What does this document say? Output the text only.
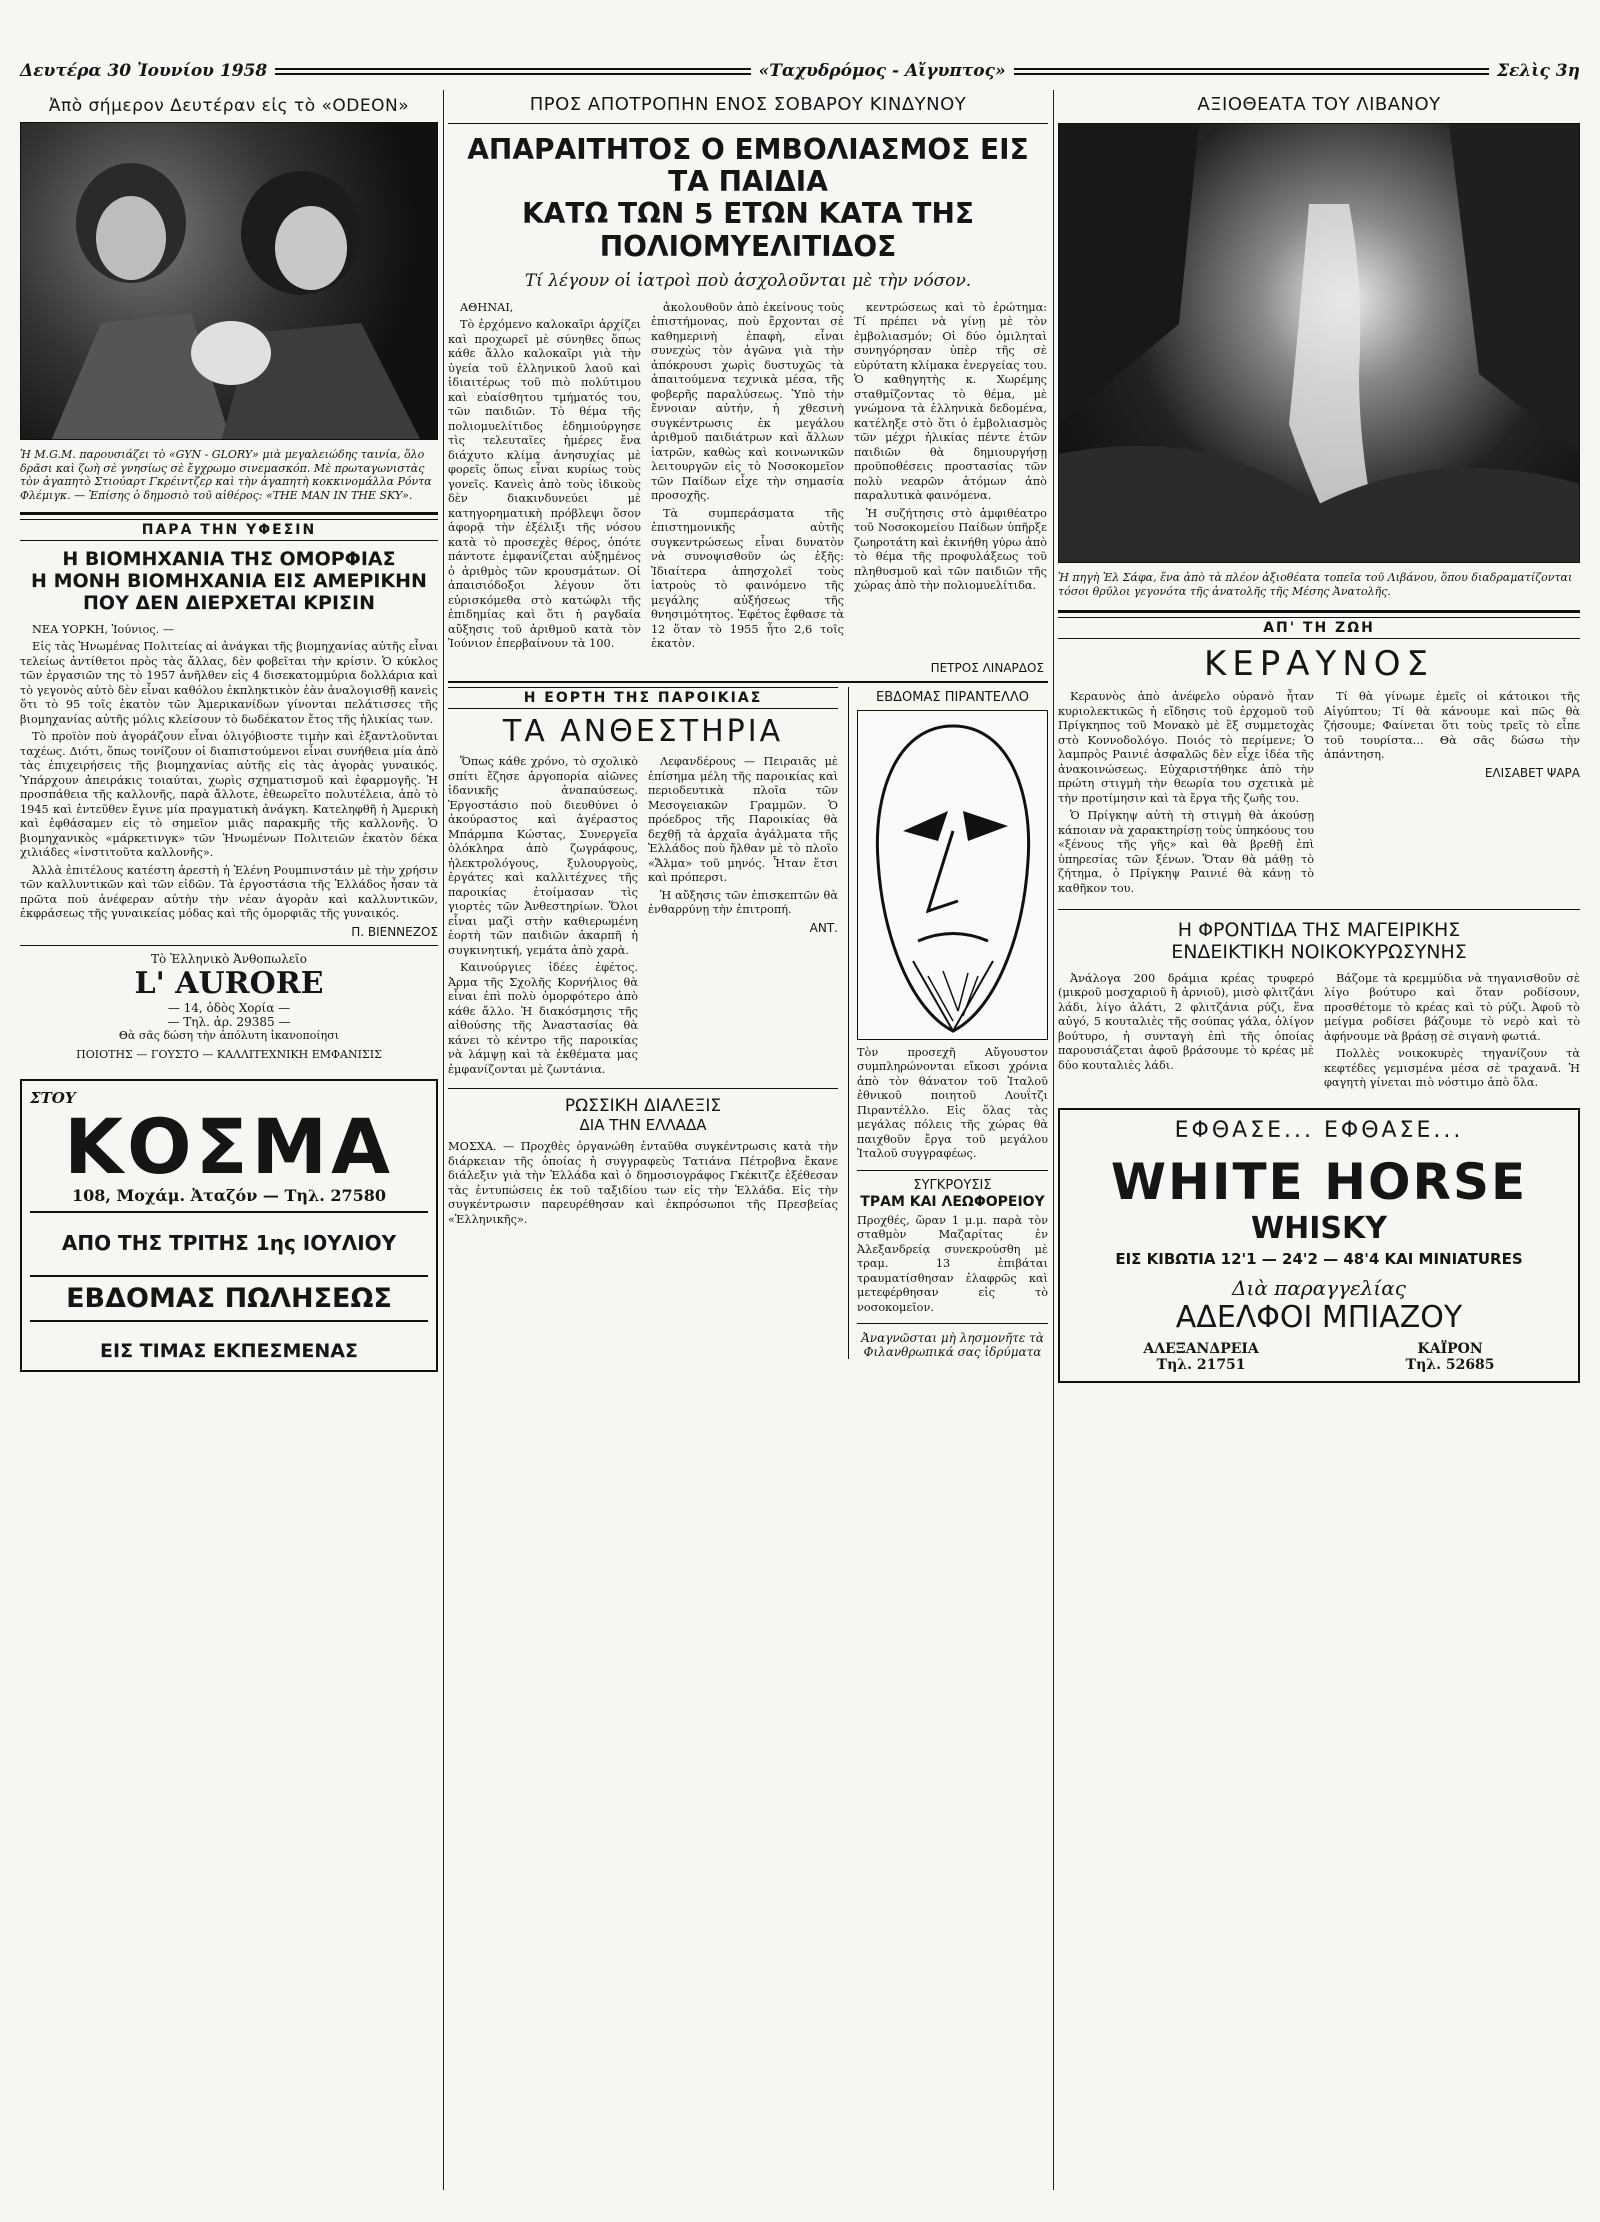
Δευτέρα 30 Ἰουνίου 1958	«Ταχυδρόμος - Αἴγυπτος»	Σελὶς 3η
Ἀπὸ σήμερον Δευτέραν εἰς τὸ «ODEON»
Ἡ M.G.M. παρουσιάζει τὸ «GYN - GLORY» μιὰ μεγαλειώδης ταινία, ὅλο δρᾶσι καὶ ζωὴ σὲ γνησίως σὲ ἔγχρωμο σινεμασκόπ. Μὲ πρωταγωνιστὰς τὸν ἀγαπητὸ Στιούαρτ Γκρέιντζερ καὶ τὴν ἀγαπητὴ κοκκινομάλλα Ρόντα Φλέμιγκ. — Ἐπίσης ὁ δημοσιὸ τοῦ αἰθέρος: «THE MAN IN THE SKY».
ΠΑΡΑ ΤΗΝ ΥΦΕΣΙΝ
Η ΒΙΟΜΗΧΑΝΙΑ ΤΗΣ ΟΜΟΡΦΙΑΣ
Η ΜΟΝΗ ΒΙΟΜΗΧΑΝΙΑ ΕΙΣ ΑΜΕΡΙΚΗΝ
ΠΟΥ ΔΕΝ ΔΙΕΡΧΕΤΑΙ ΚΡΙΣΙΝ

ΝΕΑ ΥΟΡΚΗ, Ἰούνιος. —

Εἰς τὰς Ἡνωμένας Πολιτείας αἱ ἀνάγκαι τῆς βιομηχανίας αὐτῆς εἶναι τελείως ἀντίθετοι πρὸς τὰς ἄλλας, δὲν φοβεῖται τὴν κρίσιν. Ὁ κύκλος τῶν ἐργασιῶν της τὸ 1957 ἀνῆλθεν εἰς 4 δισεκατομμύρια δολλάρια καὶ τὸ γεγονὸς αὐτὸ δὲν εἶναι καθόλου ἐκπληκτικὸν ἐὰν ἀναλογισθῇ κανεὶς ὅτι τὸ 95 τοῖς ἑκατὸν τῶν Ἀμερικανίδων γίνονται πελάτισσες τῆς βιομηχανίας αὐτῆς μόλις κλείσουν τὸ δωδέκατον ἔτος τῆς ἡλικίας των.

Τὸ προϊὸν ποὺ ἀγοράζουν εἶναι ὀλιγόβιοστε τιμὴν καὶ ἐξαντλοῦνται ταχέως. Διότι, ὅπως τονίζουν οἱ διαπιστούμενοι εἶναι συνήθεια μία ἀπὸ τὰς ἐπιχειρήσεις τῆς βιομηχανίας αὐτῆς εἰς τὰς ἀγορὰς γυναικός. Ὑπάρχουν ἀπειράκις τοιαύται, χωρὶς σχηματισμοῦ καὶ ἐφαρμογῆς. Ἡ προσπάθεια τῆς καλλονῆς, παρὰ ἄλλοτε, ἐθεωρεῖτο πολυτέλεια, ἀπὸ τὸ 1945 καὶ ἐντεῦθεν ἔγινε μία πραγματικὴ ἀνάγκη. Κατεληφθῆ ἡ Ἀμερικὴ καὶ ἐφθάσαμεν εἰς τὸ σημεῖον μιᾶς παρακμῆς τῆς καλλονῆς. Ὁ βιομηχανικὸς «μάρκετινγκ» τῶν Ἡνωμένων Πολιτειῶν ἑκατὸν δέκα χιλιάδες «ἰνστιτοῦτα καλλονῆς».

Ἀλλὰ ἐπιτέλους κατέστη ἀρεστὴ ἡ Ἑλένη Ρουμπινστάιν μὲ τὴν χρήσιν τῶν καλλυντικῶν καὶ τῶν εἰδῶν. Τὰ ἐργοστάσια τῆς Ἑλλάδος ἦσαν τὰ πρῶτα ποὺ ἀνέφεραν αὐτὴν τὴν νέαν ἀγορὰν καὶ καλλυντικῶν, ἐκφράσεως τῆς γυναικείας μόδας καὶ τῆς ὀμορφιᾶς τῆς γυναικός.

Π. ΒΙΕΝΝΕΖΟΣ
Τὸ Ἑλληνικὸ Ἀνθοπωλεῖο
L' AURORE
— 14, ὁδὸς Χορία —
— Τηλ. ἀρ. 29385 —
Θὰ σᾶς δώση τὴν ἀπόλυτη ἱκανοποίησι
ΠΟΙΟΤΗΣ — ΓΟΥΣΤΟ — ΚΑΛΛΙΤΕΧΝΙΚΗ ΕΜΦΑΝΙΣΙΣ
ΣΤΟΥ
ΚΟΣΜΑ
108, Μοχάμ. Ἀταζόν — Τηλ. 27580
ΑΠΟ ΤΗΣ ΤΡΙΤΗΣ 1ης ΙΟΥΛΙΟΥ
ΕΒΔΟΜΑΣ ΠΩΛΗΣΕΩΣ
ΕΙΣ ΤΙΜΑΣ ΕΚΠΕΣΜΕΝΑΣ
ΠΡΟΣ ΑΠΟΤΡΟΠΗΝ ΕΝΟΣ ΣΟΒΑΡΟΥ ΚΙΝΔΥΝΟΥ
ΑΠΑΡΑΙΤΗΤΟΣ Ο ΕΜΒΟΛΙΑΣΜΟΣ ΕΙΣ ΤΑ ΠΑΙΔΙΑ
ΚΑΤΩ ΤΩΝ 5 ΕΤΩΝ ΚΑΤΑ ΤΗΣ ΠΟΛΙΟΜΥΕΛΙΤΙΔΟΣ
Τί λέγουν οἱ ἰατροὶ ποὺ ἀσχολοῦνται μὲ τὴν νόσον.

ΑΘΗΝΑΙ,

Τὸ ἐρχόμενο καλοκαῖρι ἀρχίζει καὶ προχωρεῖ μὲ σύνηθες ὅπως κάθε ἄλλο καλοκαῖρι γιὰ τὴν ὑγεία τοῦ ἑλληνικοῦ λαοῦ καὶ ἰδιαιτέρως τοῦ πιὸ πολύτιμου καὶ εὐαίσθητου τμήματός του, τῶν παιδιῶν. Τὸ θέμα τῆς πολιομυελίτιδος ἐδημιούργησε τὶς τελευταῖες ἡμέρες ἔνα διάχυτο κλίμα ἀνησυχίας μὲ φορεῖς ὅπως εἶναι κυρίως τοὺς γονεῖς. Κανεὶς ἀπὸ τοὺς ἰδικοὺς δὲν διακινδυνεύει μὲ κατηγορηματικὴ πρόβλεψι ὅσον ἀφορᾷ τὴν ἐξέλιξι τῆς νόσου κατὰ τὸ προσεχὲς θέρος, ὁπότε πάντοτε ἐμφανίζεται αὐξημένος ὁ ἀριθμὸς τῶν κρουσμάτων. Οἱ ἁπαισιόδοξοι λέγουν ὅτι εὐρισκόμεθα στὸ κατώφλι τῆς ἐπιδημίας καὶ ὅτι ἡ ραγδαία αὔξησις τοῦ ἀριθμοῦ κατὰ τὸν Ἰούνιον ἐπερβαίνουν τὰ 100.

ἀκολουθοῦν ἀπὸ ἐκείνους τοὺς ἐπιστήμονας, ποὺ ἔρχονται σὲ καθημερινὴ ἐπαφὴ, εἶναι συνεχὼς τὸν ἀγῶνα γιὰ τὴν ἀπόκρουσι χωρὶς δυστυχῶς τὰ ἀπαιτούμενα τεχνικὰ μέσα, τῆς φοβερῆς παραλύσεως. Ὑπὸ τὴν ἔννοιαν αὐτήν, ἡ χθεσινὴ συγκέντρωσις ἐκ μεγάλου ἀριθμοῦ παιδιάτρων καὶ ἄλλων ἰατρῶν, καθὼς καὶ κοινωνικῶν λειτουργῶν εἰς τὸ Νοσοκομεῖον τῶν Παίδων εἶχε τὴν σημασία προσοχῆς.

Τὰ συμπεράσματα τῆς ἐπιστημονικῆς αὐτῆς συγκεντρώσεως εἶναι δυνατὸν νὰ συνοψισθοῦν ὡς ἑξῆς: Ἰδιαίτερα ἀπησχολεῖ τοὺς ἰατροὺς τὸ φαινόμενο τῆς μεγάλης αὐξήσεως τῆς θνησιμότητος. Ἐφέτος ἔφθασε τὰ 12 ὅταν τὸ 1955 ἦτο 2,6 τοῖς ἑκατὸν.

κεντρώσεως καὶ τὸ ἐρώτημα: Τί πρέπει νὰ γίνῃ μὲ τὸν ἐμβολιασμόν; Οἱ δύο ὁμιληταὶ συνηγόρησαν ὑπὲρ τῆς σὲ εὐρύτατη κλίμακα ἐνεργείας του. Ὁ καθηγητὴς κ. Χωρέμης σταθμίζοντας τὸ θέμα, μὲ γνώμονα τὰ ἑλληνικὰ δεδομένα, κατέληξε στὸ ὅτι ὁ ἐμβολιασμὸς τῶν μέχρι ἡλικίας πέντε ἐτῶν παιδιῶν θὰ δημιουργήσῃ προϋποθέσεις προστασίας τῶν πολὺ νεαρῶν ἀτόμων ἀπὸ παραλυτικὰ φαινόμενα.

Ἡ συζήτησις στὸ ἀμφιθέατρο τοῦ Νοσοκομείου Παίδων ὑπῆρξε ζωηροτάτη καὶ ἐκινήθη γύρω ἀπὸ τὸ θέμα τῆς προφυλάξεως τοῦ πληθυσμοῦ καὶ τῶν παιδιῶν τῆς χώρας ἀπὸ τὴν πολιομυελίτιδα.

ΠΕΤΡΟΣ ΛΙΝΑΡΔΟΣ
Η ΕΟΡΤΗ ΤΗΣ ΠΑΡΟΙΚΙΑΣ
ΤΑ ΑΝΘΕΣΤΗΡΙΑ

Ὅπως κάθε χρόνο, τὸ σχολικὸ σπίτι ἔζησε ἀργοπορία αἰῶνες ἰδανικῆς ἀναπαύσεως. Ἐργοστάσιο ποὺ διευθύνει ὁ ἀκούραστος καὶ ἀγέραστος Μπάρμπα Κώστας, Συνεργεῖα ὁλόκληρα ἀπὸ ζωγράφους, ἠλεκτρολόγους, ξυλουργοὺς, ἐργάτες καὶ καλλιτέχνες τῆς παροικίας ἑτοίμασαν τὶς γιορτὲς τῶν Ἀνθεστηρίων. Ὅλοι εἶναι μαζὶ στὴν καθιερωμένη ἑορτὴ τῶν παιδιῶν ἀκαρπῆ ἡ συγκινητική, γεμάτα ἀπὸ χαρὰ.

Καινούργιες ἰδέες ἐφέτος. Ἀρμα τῆς Σχολῆς Κορνήλιος θὰ εἶναι ἐπὶ πολὺ ὀμορφότερο ἀπὸ κάθε ἄλλο. Ἡ διακόσμησις τῆς αἰθούσης τῆς Ἀναστασίας θὰ κάνει τὸ κέντρο τῆς παροικίας νὰ λάμψῃ καὶ τὰ ἐκθέματα μας ἐμφανίζονται μὲ ζωντάνια.

Λεφανδέρους — Πειραιᾶς μὲ ἐπίσημα μέλη τῆς παροικίας καὶ περιοδευτικὰ πλοῖα τῶν Μεσογειακῶν Γραμμῶν. Ὁ πρόεδρος τῆς Παροικίας θὰ δεχθῇ τὰ ἀρχαῖα ἀγάλματα τῆς Ἑλλάδος ποὺ ἤλθαν μὲ τὸ πλοῖο «Ἄλμα» τοῦ μηνός. Ἦταν ἔτσι καὶ πρόπερσι.

Ἡ αὔξησις τῶν ἐπισκεπτῶν θὰ ἐνθαρρύνῃ τὴν ἐπιτροπή.

ΑΝΤ.
ΡΩΣΣΙΚΗ ΔΙΑΛΕΞΙΣ
ΔΙΑ ΤΗΝ ΕΛΛΑΔΑ
ΜΟΣΧΑ. — Προχθὲς ὀργανώθη ἐνταῦθα συγκέντρωσις κατὰ τὴν διάρκειαν τῆς ὁποίας ἡ συγγραφεὺς Τατιάνα Πέτροβνα ἔκανε διάλεξιν γιὰ τὴν Ἑλλάδα καὶ ὁ δημοσιογράφος Γκέκιτζε ἐξέθεσαν τὰς ἐντυπώσεις ἐκ τοῦ ταξιδίου των εἰς τὴν Ἑλλάδα. Εἰς τὴν συγκέντρωσιν παρευρέθησαν καὶ ἐκπρόσωποι τῆς Πρεσβείας «Ἑλληνικῆς».
ΕΒΔΟΜΑΣ ΠΙΡΑΝΤΕΛΛΟ
Τὸν προσεχῆ Αὔγουστον συμπληρώνονται εἴκοσι χρόνια ἀπὸ τὸν θάνατον τοῦ Ἰταλοῦ ἐθνικοῦ ποιητοῦ Λουΐτζι Πιραντέλλο. Εἰς ὅλας τὰς μεγάλας πόλεις τῆς χώρας θὰ παιχθοῦν ἔργα τοῦ μεγάλου Ἰταλοῦ συγγραφέως.
ΣΥΓΚΡΟΥΣΙΣ
ΤΡΑΜ ΚΑΙ ΛΕΩΦΟΡΕΙΟΥ
Προχθές, ὥραν 1 μ.μ. παρὰ τὸν σταθμὸν Μαζαρίτας ἐν Ἀλεξανδρείᾳ συνεκρούσθη μὲ τραμ. 13 ἐπιβάται τραυματίσθησαν ἐλαφρῶς καὶ μετεφέρθησαν εἰς τὸ νοσοκομεῖον.
Ἀναγνῶσται μὴ λησμονῆτε τὰ Φιλανθρωπικά σας ἱδρύματα
ΑΞΙΟΘΕΑΤΑ ΤΟΥ ΛΙΒΑΝΟΥ
Ἡ πηγὴ Ἐλ Σάφα, ἕνα ἀπὸ τὰ πλέον ἀξιοθέατα τοπεῖα τοῦ Λιβάνου, ὅπου διαδραματίζονται τόσοι θρῦλοι γεγονότα τῆς ἀνατολῆς τῆς Μέσης Ἀνατολῆς.
ΑΠ' ΤΗ ΖΩΗ
ΚΕΡΑΥΝΟΣ

Κεραυνὸς ἀπὸ ἀνέφελο οὐρανὸ ἦταν κυριολεκτικῶς ἡ εἴδησις τοῦ ἐρχομοῦ τοῦ Πρίγκηπος τοῦ Μονακὸ μὲ ἓξ συμμετοχὰς στὸ Κοννοδολόγο. Ποιός τὸ περίμενε; Ὁ λαμπρὸς Ραινιέ ἀσφαλῶς δὲν εἶχε ἰδέα τῆς ἀνακοινώσεως. Εὐχαριστήθηκε ἀπὸ τὴν πρώτη στιγμὴ τὴν θεωρία του σχετικὰ μὲ τὴν προτίμησιν καὶ τὰ ἔργα τῆς ζωῆς του.

Ὁ Πρίγκηψ αὐτὴ τὴ στιγμὴ θὰ ἀκούσῃ κάποιαν νὰ χαρακτηρίσῃ τοὺς ὑπηκόους του «ξένους τῆς γῆς» καὶ θὰ βρεθῇ ἐπὶ ὑπηρεσίας τῶν ξένων. Ὅταν θὰ μάθῃ τὸ ζήτημα, ὁ Πρίγκηψ Ραινιέ θὰ κάνῃ τὸ καθῆκον του.

Τί θὰ γίνωμε ἐμεῖς οἱ κάτοικοι τῆς Αἰγύπτου; Τί θὰ κάνουμε καὶ πῶς θὰ ζήσουμε; Φαίνεται ὅτι τοὺς τρεῖς τὸ εἶπε τοῦ τουρίστα... Θὰ σᾶς δώσω τὴν ἀπάντηση.

ΕΛΙΣΑΒΕΤ ΨΑΡΑ
Η ΦΡΟΝΤΙΔΑ ΤΗΣ ΜΑΓΕΙΡΙΚΗΣ
ΕΝΔΕΙΚΤΙΚΗ ΝΟΙΚΟΚΥΡΩΣΥΝΗΣ

Ἀνάλογα 200 δράμια κρέας τρυφερό (μικροῦ μοσχαριοῦ ἢ ἀρνιοῦ), μισὸ φλιτζάνι λάδι, λίγο ἀλάτι, 2 φλιτζάνια ρύζι, ἕνα αὐγό, 5 κουταλιὲς τῆς σούπας γάλα, ὀλίγον βούτυρο, ἡ συνταγὴ ἐπὶ τῆς ὁποίας παρουσιάζεται ἀφοῦ βράσουμε τὸ κρέας μὲ δύο κουταλιὲς λάδι.

Βάζομε τὰ κρεμμύδια νὰ τηγανισθοῦν σὲ λίγο βούτυρο καὶ ὅταν ροδίσουν, προσθέτομε τὸ κρέας καὶ τὸ ρύζι. Ἀφοῦ τὸ μείγμα ροδίσει βάζουμε τὸ νερὸ καὶ τὸ ἀφήνουμε νὰ βράσῃ σὲ σιγανὴ φωτιά.

Πολλὲς νοικοκυρὲς τηγανίζουν τὰ κεφτέδες γεμισμένα μέσα σὲ τραχανᾶ. Ἡ φαγητὴ γίνεται πιὸ νόστιμο ἀπὸ ὅλα.

ΕΦΘΑΣΕ... ΕΦΘΑΣΕ...
WHITE HORSE
WHISKY
ΕΙΣ ΚΙΒΩΤΙΑ 12'1 — 24'2 — 48'4 ΚΑΙ MINIATURES
Διὰ παραγγελίας
ΑΔΕΛΦΟΙ ΜΠΙΑΖΟΥ
ΑΛΕΞΑΝΔΡΕΙΑ
Τηλ. 21751
ΚΑΪΡΟΝ
Τηλ. 52685
